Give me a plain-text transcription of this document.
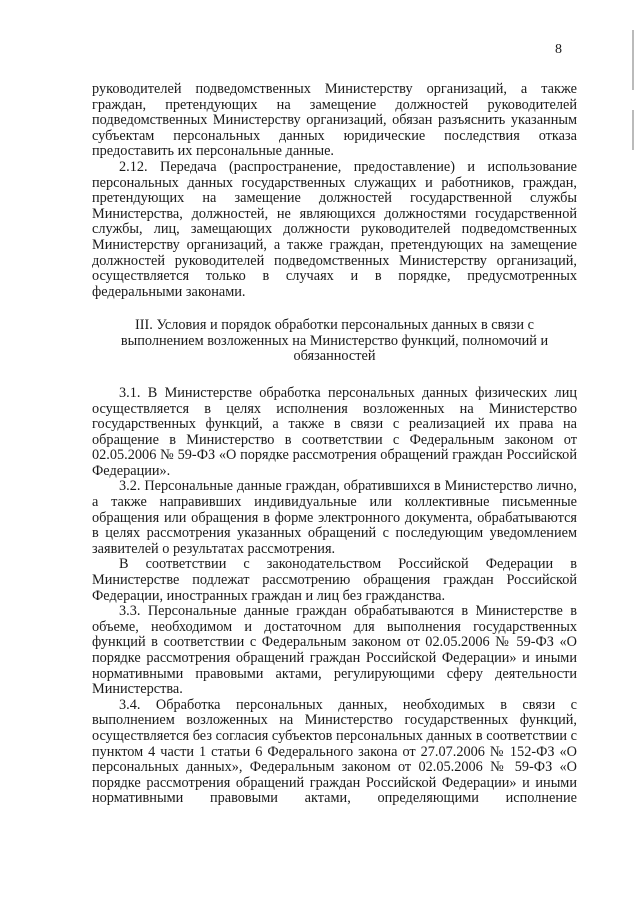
8

руководителей подведомственных Министерству организаций, а также граждан, претендующих на замещение должностей руководителей подведомственных Министерству организаций, обязан разъяснить указанным субъектам персональных данных юридические последствия отказа предоставить их персональные данные.

2.12. Передача (распространение, предоставление) и использование персональных данных государственных служащих и работников, граждан, претендующих на замещение должностей государственной службы Министерства, должностей, не являющихся должностями государственной службы, лиц, замещающих должности руководителей подведомственных Министерству организаций, а также граждан, претендующих на замещение должностей руководителей подведомственных Министерству организаций, осуществляется только в случаях и в порядке, предусмотренных федеральными законами.

III. Условия и порядок обработки персональных данных в связи с выполнением возложенных на Министерство функций, полномочий и обязанностей

3.1. В Министерстве обработка персональных данных физических лиц осуществляется в целях исполнения возложенных на Министерство государственных функций, а также в связи с реализацией их права на обращение в Министерство в соответствии с Федеральным законом от 02.05.2006 № 59-ФЗ «О порядке рассмотрения обращений граждан Российской Федерации».

3.2. Персональные данные граждан, обратившихся в Министерство лично, а также направивших индивидуальные или коллективные письменные обращения или обращения в форме электронного документа, обрабатываются в целях рассмотрения указанных обращений с последующим уведомлением заявителей о результатах рассмотрения.

В соответствии с законодательством Российской Федерации в Министерстве подлежат рассмотрению обращения граждан Российской Федерации, иностранных граждан и лиц без гражданства.

3.3. Персональные данные граждан обрабатываются в Министерстве в объеме, необходимом и достаточном для выполнения государственных функций в соответствии с Федеральным законом от 02.05.2006 № 59-ФЗ «О порядке рассмотрения обращений граждан Российской Федерации» и иными нормативными правовыми актами, регулирующими сферу деятельности Министерства.

3.4. Обработка персональных данных, необходимых в связи с выполнением возложенных на Министерство государственных функций, осуществляется без согласия субъектов персональных данных в соответствии с пунктом 4 части 1 статьи 6 Федерального закона от 27.07.2006 № 152-ФЗ «О персональных данных», Федеральным законом от 02.05.2006 № 59-ФЗ «О порядке рассмотрения обращений граждан Российской Федерации» и иными нормативными правовыми актами, определяющими исполнение
